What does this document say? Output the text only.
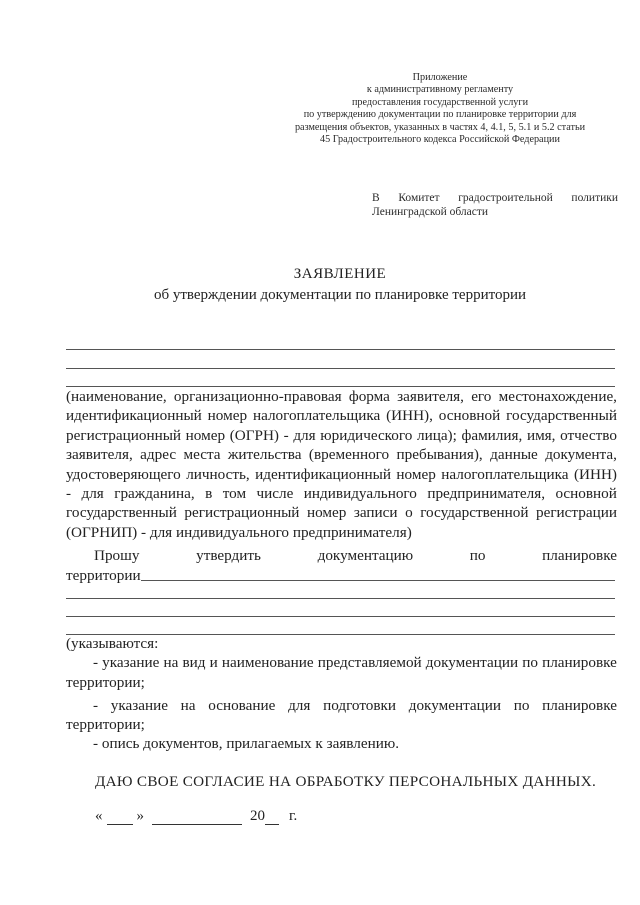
Приложение
к административному регламенту
предоставления государственной услуги
по утверждению документации по планировке территории для
размещения объектов, указанных в частях 4, 4.1, 5, 5.1 и 5.2 статьи
45 Градостроительного кодекса Российской Федерации
В Комитет градостроительной политики
Ленинградской области
ЗАЯВЛЕНИЕ
об утверждении документации по планировке территории
(наименование, организационно-правовая форма заявителя, его местонахождение,
идентификационный номер налогоплательщика (ИНН), основной государственный
регистрационный номер (ОГРН) - для юридического лица); фамилия, имя, отчество
заявителя, адрес места жительства (временного пребывания), данные документа,
удостоверяющего личность, идентификационный номер налогоплательщика (ИНН)
- для гражданина, в том числе индивидуального предпринимателя, основной
государственный регистрационный номер записи о государственной регистрации
(ОГРНИП) - для индивидуального предпринимателя)
Прошу	утвердить	документацию	по	планировке
территории
(указываются:
- указание на вид и наименование представляемой документации по планировке
территории;
- указание на основание для подготовки документации по планировке
территории;
- опись документов, прилагаемых к заявлению.
ДАЮ СВОЕ СОГЛАСИЕ НА ОБРАБОТКУ ПЕРСОНАЛЬНЫХ ДАННЫХ.
« »	20 г.
